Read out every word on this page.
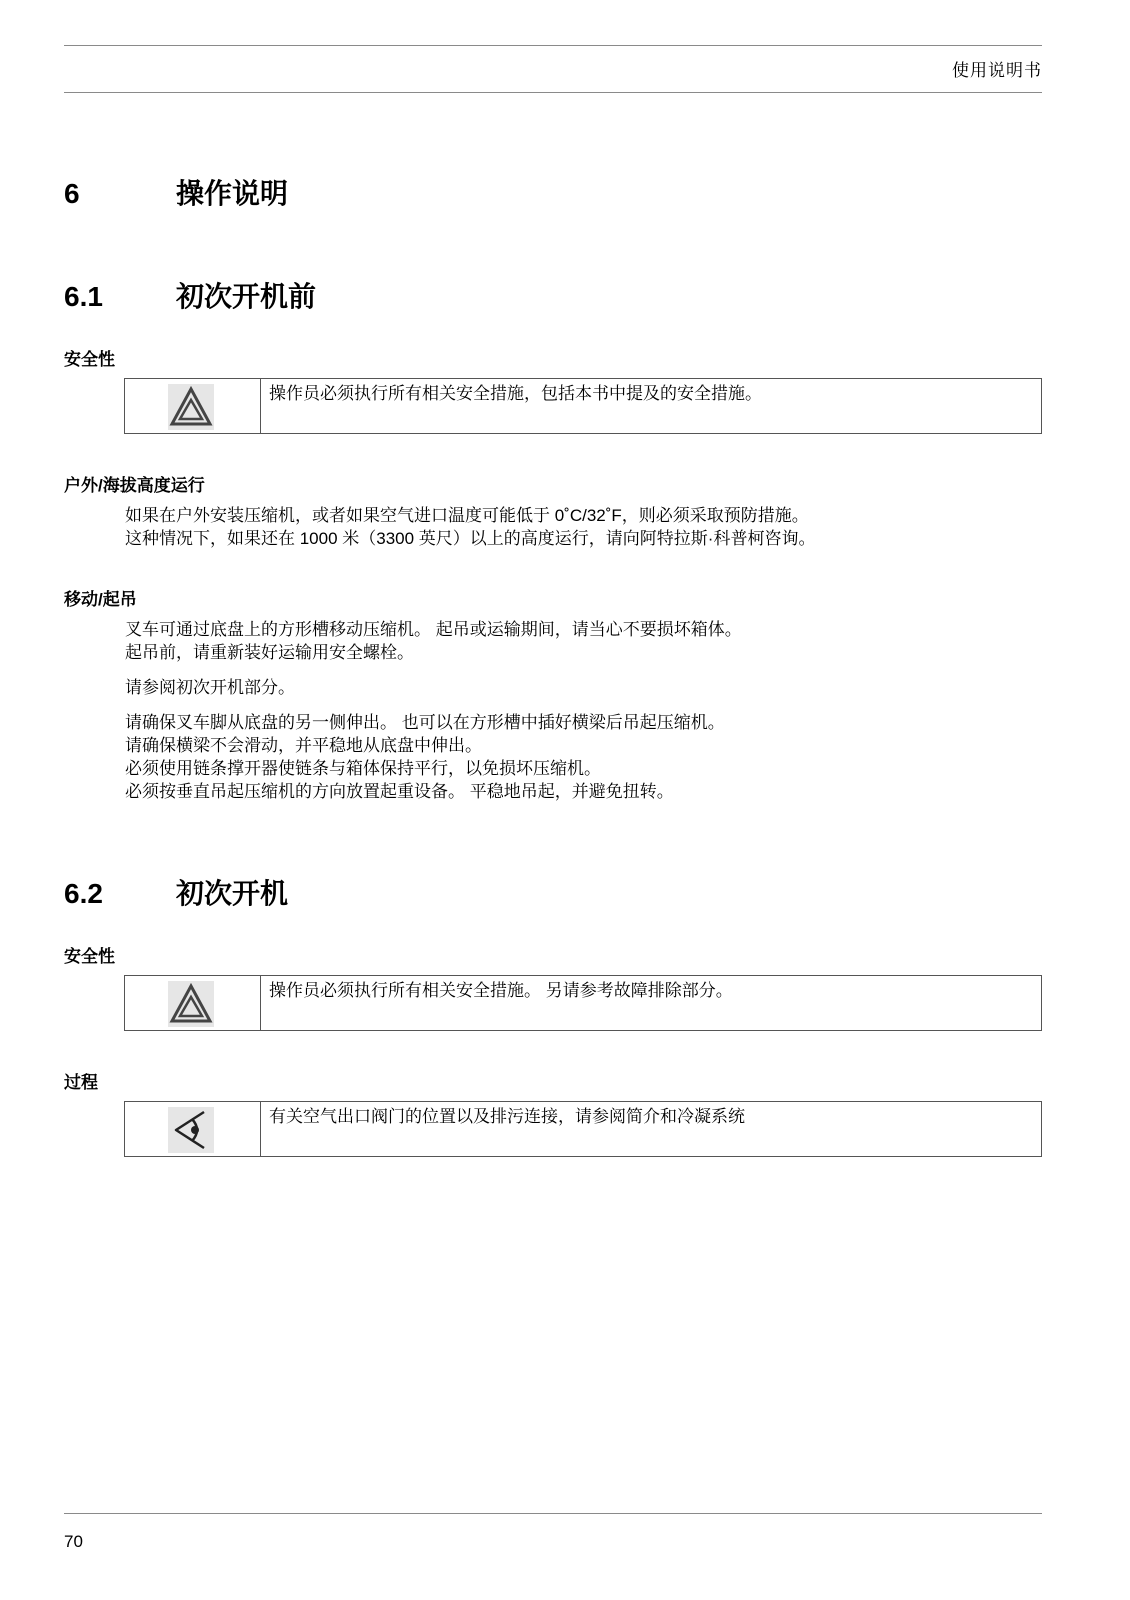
使用说明书
6	操作说明
6.1	初次开机前
安全性
操作员必须执行所有相关安全措施，包括本书中提及的安全措施。
户外/海拔高度运行
如果在户外安装压缩机，或者如果空气进口温度可能低于 0˚C/32˚F，则必须采取预防措施。
这种情况下，如果还在 1000 米（3300 英尺）以上的高度运行，请向阿特拉斯·科普柯咨询。
移动/起吊
叉车可通过底盘上的方形槽移动压缩机。 起吊或运输期间，请当心不要损坏箱体。
起吊前，请重新装好运输用安全螺栓。
请参阅初次开机部分。
请确保叉车脚从底盘的另一侧伸出。 也可以在方形槽中插好横梁后吊起压缩机。
请确保横梁不会滑动，并平稳地从底盘中伸出。
必须使用链条撑开器使链条与箱体保持平行，以免损坏压缩机。
必须按垂直吊起压缩机的方向放置起重设备。 平稳地吊起，并避免扭转。
6.2	初次开机
安全性
操作员必须执行所有相关安全措施。 另请参考故障排除部分。
过程
有关空气出口阀门的位置以及排污连接，请参阅简介和冷凝系统
70
